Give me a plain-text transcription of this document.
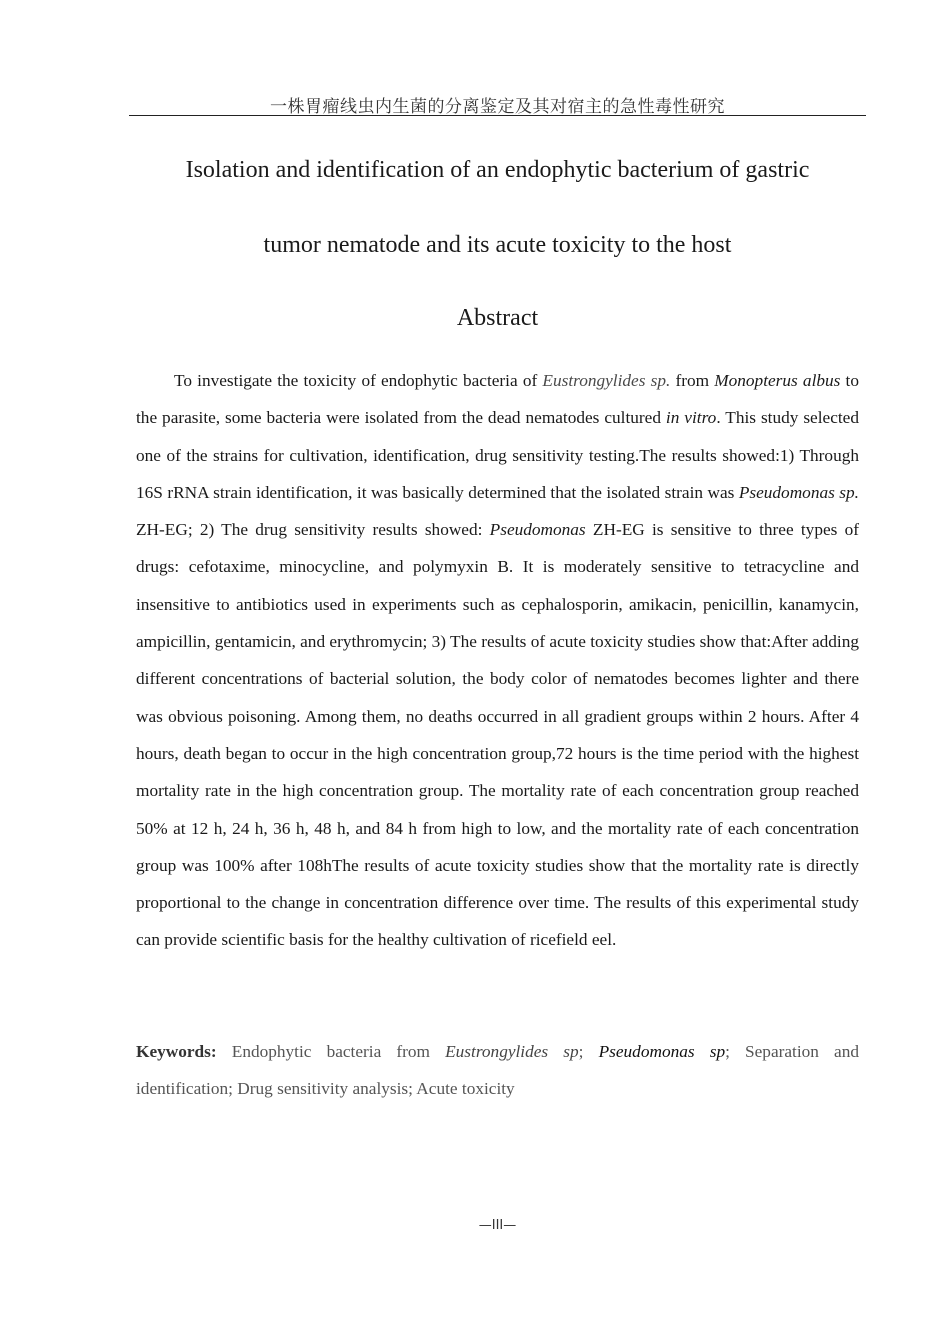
一株胃瘤线虫内生菌的分离鉴定及其对宿主的急性毒性研究
Isolation and identification of an endophytic bacterium of gastric
tumor nematode and its acute toxicity to the host
Abstract

To investigate the toxicity of endophytic bacteria of Eustrongylides sp. from Monopterus albus to the parasite, some bacteria were isolated from the dead nematodes cultured in vitro. This study selected one of the strains for cultivation, identification, drug sensitivity testing.The results showed:1) Through 16S rRNA strain identification, it was basically determined that the isolated strain was Pseudomonas sp. ZH-EG; 2) The drug sensitivity results showed: Pseudomonas ZH-EG is sensitive to three types of drugs: cefotaxime, minocycline, and polymyxin B. It is moderately sensitive to tetracycline and insensitive to antibiotics used in experiments such as cephalosporin, amikacin, penicillin, kanamycin, ampicillin, gentamicin, and erythromycin; 3) The results of acute toxicity studies show that:After adding different concentrations of bacterial solution, the body color of nematodes becomes lighter and there was obvious poisoning. Among them, no deaths occurred in all gradient groups within 2 hours. After 4 hours, death began to occur in the high concentration group,72 hours is the time period with the highest mortality rate in the high concentration group. The mortality rate of each concentration group reached 50% at 12 h, 24 h, 36 h, 48 h, and 84 h from high to low, and the mortality rate of each concentration group was 100% after 108hThe results of acute toxicity studies show that the mortality rate is directly proportional to the change in concentration difference over time. The results of this experimental study can provide scientific basis for the healthy cultivation of ricefield eel.

Keywords: Endophytic bacteria from Eustrongylides sp; Pseudomonas sp; Separation and identification; Drug sensitivity analysis; Acute toxicity

—III—
